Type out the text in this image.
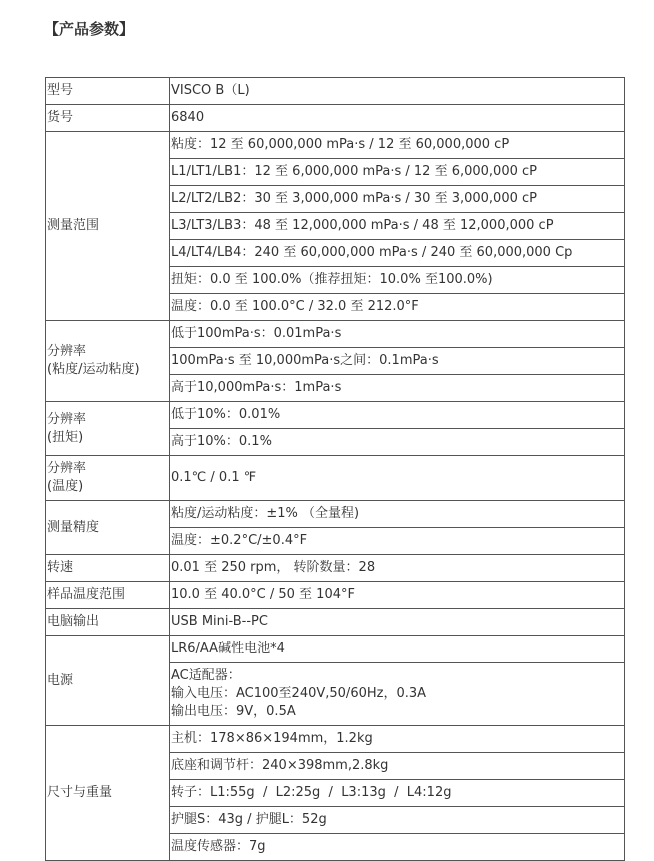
【产品参数】
型号	VISCO B（L)
货号	6840
测量范围	粘度：12 至 60,000,000 mPa·s / 12 至 60,000,000 cP
	L1/LT1/LB1：12 至 6,000,000 mPa·s / 12 至 6,000,000 cP
	L2/LT2/LB2：30 至 3,000,000 mPa·s / 30 至 3,000,000 cP
	L3/LT3/LB3：48 至 12,000,000 mPa·s / 48 至 12,000,000 cP
	L4/LT4/LB4：240 至 60,000,000 mPa·s / 240 至 60,000,000 Cp
	扭矩：0.0 至 100.0%（推荐扭矩：10.0% 至100.0%)
	温度：0.0 至 100.0°C / 32.0 至 212.0°F

分辨率
(粘度/运动粘度)	低于100mPa·s：0.01mPa·s
	100mPa·s 至 10,000mPa·s之间：0.1mPa·s
	高于10,000mPa·s：1mPa·s

分辨率
(扭矩)	低于10%：0.01%
	高于10%：0.1%

分辨率
(温度)	0.1℃ / 0.1 ℉
测量精度	粘度/运动粘度：±1% （全量程)
	温度：±0.2°C/±0.4°F
转速	0.01 至 250 rpm， 转阶数量：28
样品温度范围	10.0 至 40.0°C / 50 至 104°F
电脑输出	USB Mini-B--PC
电源	LR6/AA碱性电池*4

	AC适配器：
输入电压：AC100至240V,50/60Hz，0.3A
输出电压：9V，0.5A

尺寸与重量	主机：178×86×194mm，1.2kg
	底座和调节杆：240×398mm,2.8kg
	转子：L1:55g  /  L2:25g  /  L3:13g  /  L4:12g
	护腿S：43g / 护腿L：52g
	温度传感器：7g
